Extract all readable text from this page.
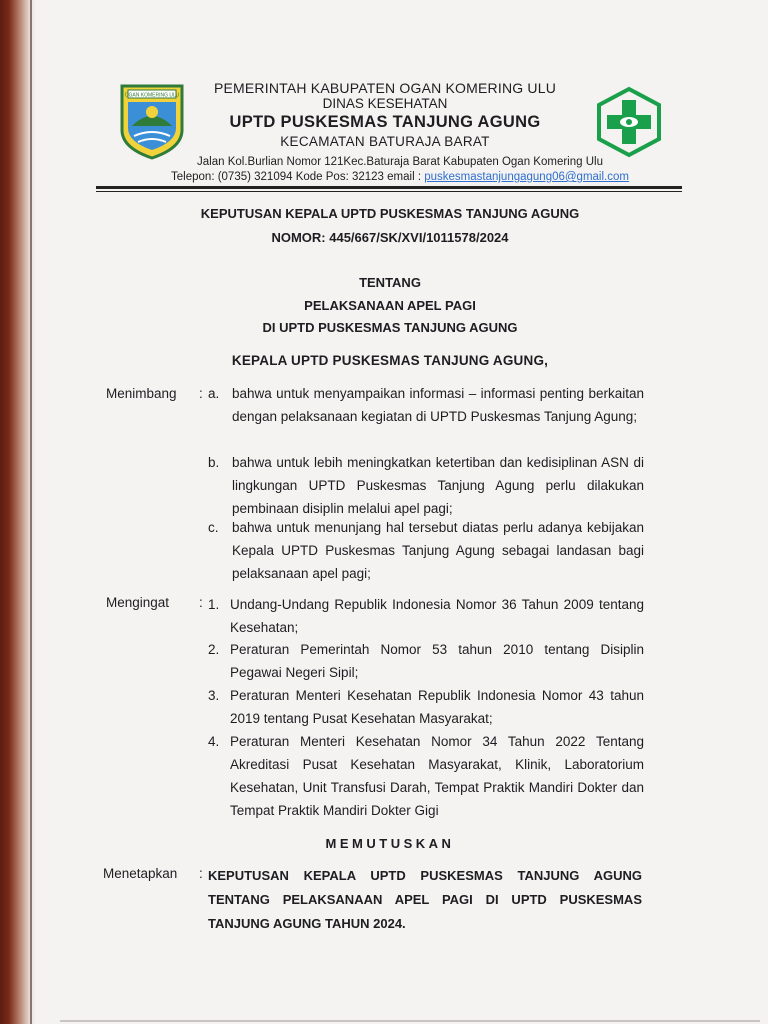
OGAN KOMERING ULU	PEMERINTAH KABUPATEN OGAN KOMERING ULU
DINAS KESEHATAN
UPTD PUSKESMAS TANJUNG AGUNG
KECAMATAN BATURAJA BARAT
Jalan Kol.Burlian Nomor 121Kec.Baturaja Barat Kabupaten Ogan Komering Ulu
Telepon: (0735) 321094 Kode Pos: 32123 email : puskesmastanjungagung06@gmail.com
KEPUTUSAN KEPALA UPTD PUSKESMAS TANJUNG AGUNG
NOMOR: 445/667/SK/XVI/1011578/2024
TENTANG
PELAKSANAAN APEL PAGI
DI UPTD PUSKESMAS TANJUNG AGUNG
KEPALA UPTD PUSKESMAS TANJUNG AGUNG,
Menimbang : a. bahwa untuk menyampaikan informasi – informasi penting berkaitan dengan pelaksanaan kegiatan di UPTD Puskesmas Tanjung Agung;
b. bahwa untuk lebih meningkatkan ketertiban dan kedisiplinan ASN di lingkungan UPTD Puskesmas Tanjung Agung perlu dilakukan pembinaan disiplin melalui apel pagi;
c. bahwa untuk menunjang hal tersebut diatas perlu adanya kebijakan Kepala UPTD Puskesmas Tanjung Agung sebagai landasan bagi pelaksanaan apel pagi;
Mengingat : 1. Undang-Undang Republik Indonesia Nomor 36 Tahun 2009 tentang Kesehatan;
2. Peraturan Pemerintah Nomor 53 tahun 2010 tentang Disiplin Pegawai Negeri Sipil;
3. Peraturan Menteri Kesehatan Republik Indonesia Nomor 43 tahun 2019 tentang Pusat Kesehatan Masyarakat;
4. Peraturan Menteri Kesehatan Nomor 34 Tahun 2022 Tentang Akreditasi Pusat Kesehatan Masyarakat, Klinik, Laboratorium Kesehatan, Unit Transfusi Darah, Tempat Praktik Mandiri Dokter dan Tempat Praktik Mandiri Dokter Gigi
MEMUTUSKAN
Menetapkan : KEPUTUSAN KEPALA UPTD PUSKESMAS TANJUNG AGUNG TENTANG PELAKSANAAN APEL PAGI DI UPTD PUSKESMAS TANJUNG AGUNG TAHUN 2024.
